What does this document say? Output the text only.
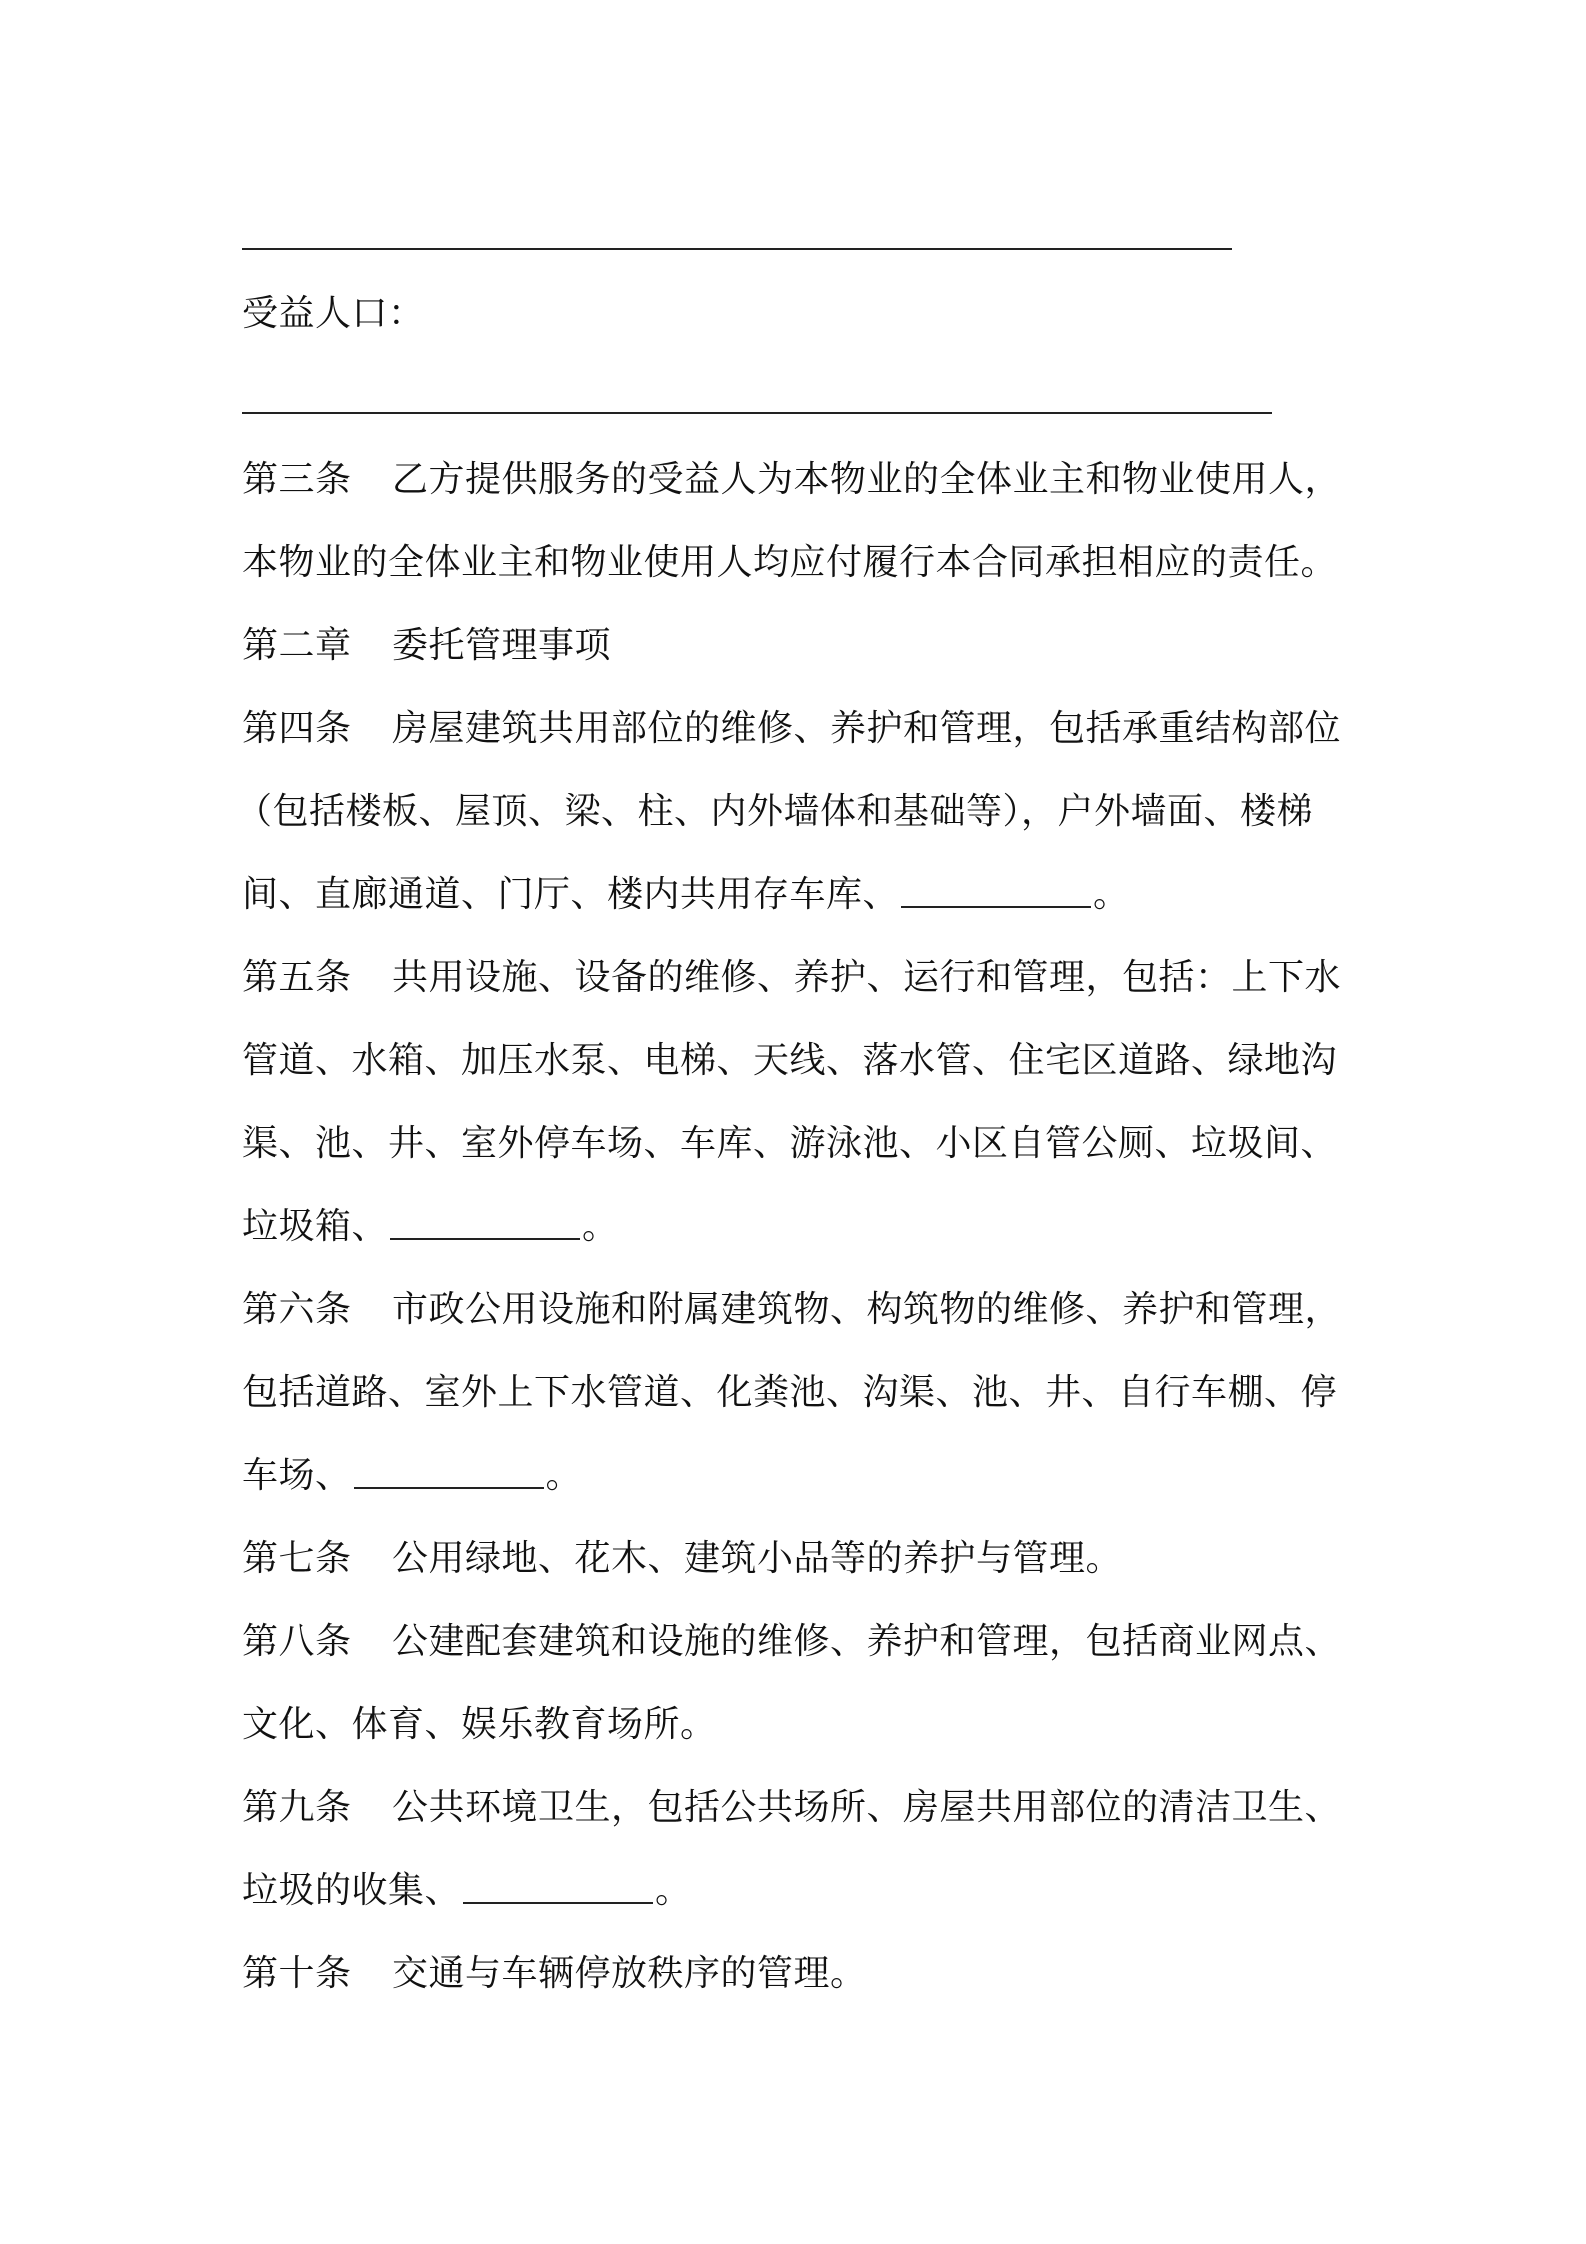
受益人口：
第三条 乙方提供服务的受益人为本物业的全体业主和物业使用人，
本物业的全体业主和物业使用人均应付履行本合同承担相应的责任。
第二章 委托管理事项
第四条 房屋建筑共用部位的维修、养护和管理，包括承重结构部位
（包括楼板、屋顶、梁、柱、内外墙体和基础等），户外墙面、楼梯
间、直廊通道、门厅、楼内共用存车库、	。
第五条 共用设施、设备的维修、养护、运行和管理，包括：上下水
管道、水箱、加压水泵、电梯、天线、落水管、住宅区道路、绿地沟
渠、池、井、室外停车场、车库、游泳池、小区自管公厕、垃圾间、
垃圾箱、	。
第六条 市政公用设施和附属建筑物、构筑物的维修、养护和管理，
包括道路、室外上下水管道、化粪池、沟渠、池、井、自行车棚、停
车场、	。
第七条 公用绿地、花木、建筑小品等的养护与管理。
第八条 公建配套建筑和设施的维修、养护和管理，包括商业网点、
文化、体育、娱乐教育场所。
第九条 公共环境卫生，包括公共场所、房屋共用部位的清洁卫生、
垃圾的收集、	。
第十条 交通与车辆停放秩序的管理。
